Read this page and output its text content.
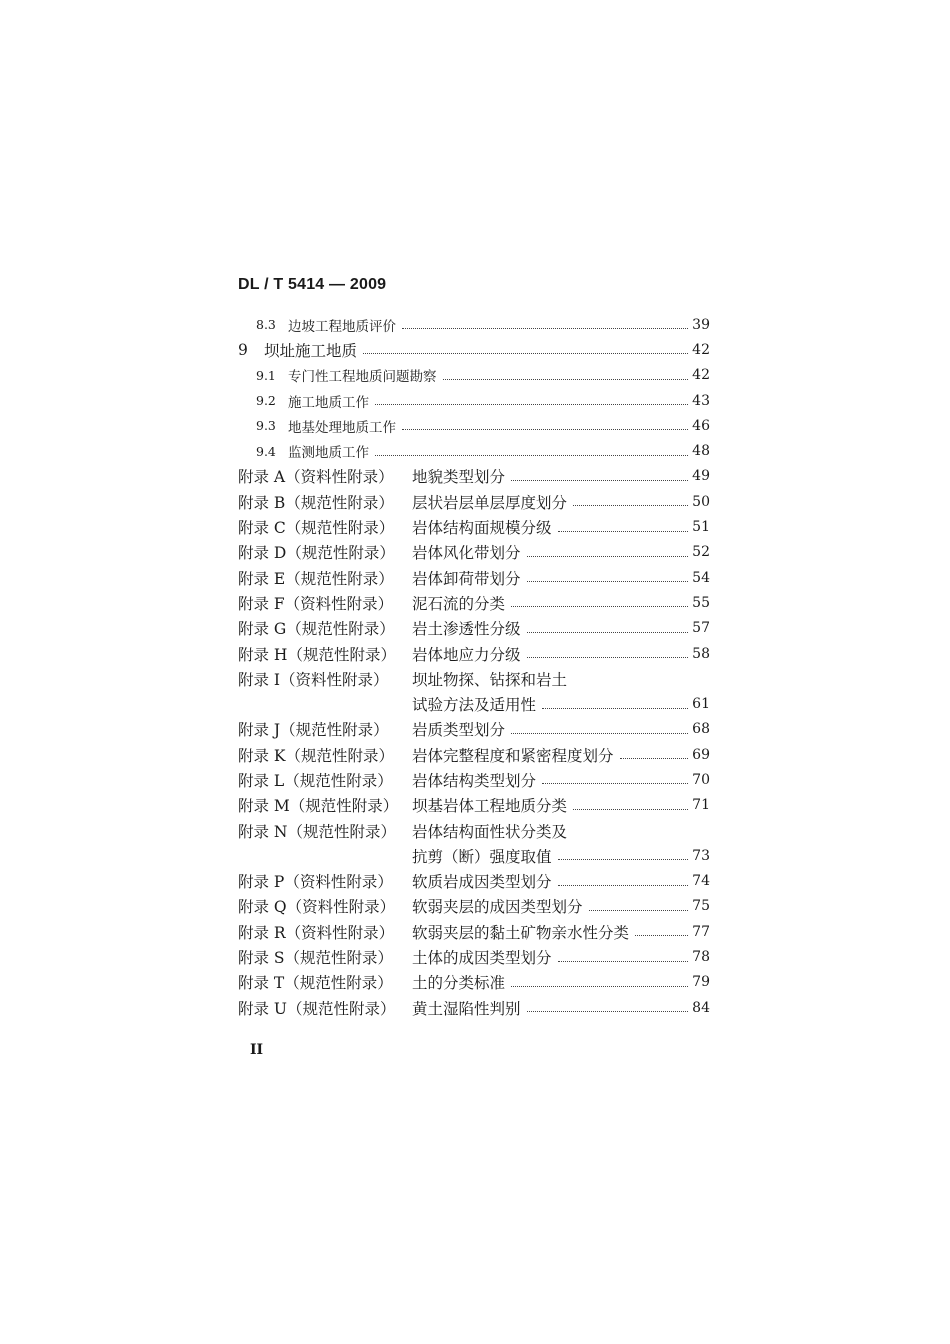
DL / T 5414 — 2009
8.3 边坡工程地质评价	39
9	坝址施工地质	42
9.1 专门性工程地质问题勘察	42
9.2 施工地质工作	43
9.3 地基处理地质工作	46
9.4 监测地质工作	48
附录 A（资料性附录）	地貌类型划分	49
附录 B（规范性附录）	层状岩层单层厚度划分	50
附录 C（规范性附录）	岩体结构面规模分级	51
附录 D（规范性附录）	岩体风化带划分	52
附录 E（规范性附录）	岩体卸荷带划分	54
附录 F（资料性附录）	泥石流的分类	55
附录 G（规范性附录）	岩土渗透性分级	57
附录 H（规范性附录）	岩体地应力分级	58
附录 I（资料性附录）	坝址物探、钻探和岩土
试验方法及适用性	61
附录 J（规范性附录）	岩质类型划分	68
附录 K（规范性附录）	岩体完整程度和紧密程度划分	69
附录 L（规范性附录）	岩体结构类型划分	70
附录 M（规范性附录） 坝基岩体工程地质分类	71
附录 N（规范性附录）	岩体结构面性状分类及
抗剪（断）强度取值	73
附录 P（资料性附录）	软质岩成因类型划分	74
附录 Q（资料性附录）	软弱夹层的成因类型划分	75
附录 R（资料性附录）	软弱夹层的黏土矿物亲水性分类	77
附录 S（规范性附录）	土体的成因类型划分	78
附录 T（规范性附录）	土的分类标准	79
附录 U（规范性附录）	黄土湿陷性判别	84
II
